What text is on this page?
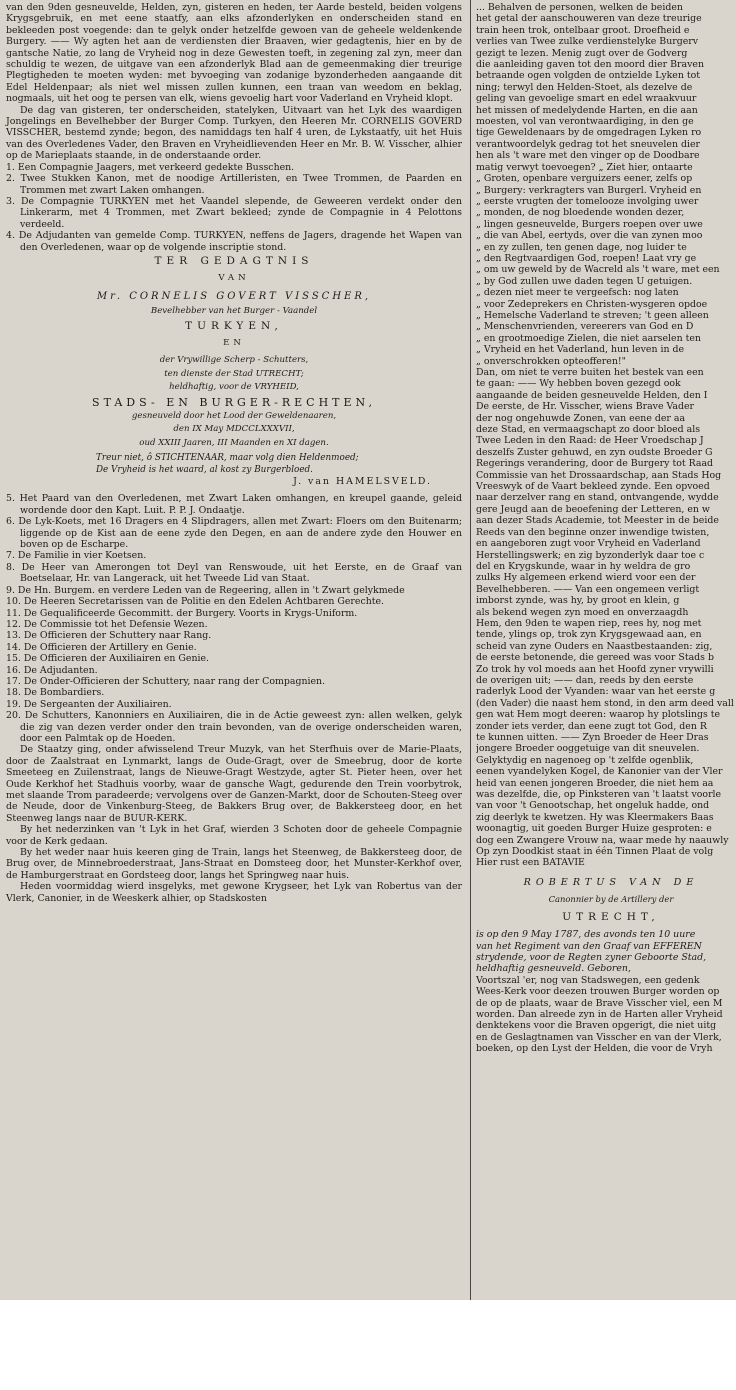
van den 9den gesneuvelde, Helden, zyn, gisteren en heden, ter Aarde besteld, beiden volgens Krygsgebruik, en met eene staatfy, aan elks afzonderlyken en onderscheiden stand en bekleeden post voegende: dan te gelyk onder hetzelfde gewoen van de geheele weldenkende Burgery. —— Wy agten het aan de verdiensten dier Braaven, wier gedagtenis, hier en by de gantsche Natie, zo lang de Vryheid nog in deze Gewesten toeft, in zegening zal zyn, meer dan schuldig te wezen, de uitgave van een afzonderlyk Blad aan de gemeenmaking dier treurige Plegtigheden te moeten wyden: met byvoeging van zodanige byzonderheden aangaande dit Edel Heldenpaar; als niet wel missen zullen kunnen, een traan van weedom en beklag, nogmaals, uit het oog te persen van elk, wiens gevoelig hart voor Vaderland en Vryheid klopt.

De dag van gisteren, ter onderscheiden, statelyken, Uitvaart van het Lyk des waardigen Jongelings en Bevelhebber der Burger Comp. Turkyen, den Heeren Mr. CORNELIS GOVERD VISSCHER, bestemd zynde; begon, des namiddags ten half 4 uren, de Lykstaatfy, uit het Huis van des Overledenes Vader, den Braven en Vryheidlievenden Heer en Mr. B. W. Visscher, alhier op de Marieplaats staande, in de onderstaande order.

1. Een Compagnie Jaagers, met verkeerd gedekte Busschen.

2. Twee Stukken Kanon, met de noodige Artilleristen, en Twee Trommen, de Paarden en Trommen met zwart Laken omhangen.

3. De Compagnie TURKYEN met het Vaandel slepende, de Geweeren verdekt onder den Linkerarm, met 4 Trommen, met Zwart bekleed; zynde de Compagnie in 4 Pelottons verdeeld.

4. De Adjudanten van gemelde Comp. TURKYEN, neffens de Jagers, dragende het Wapen van den Overledenen, waar op de volgende inscriptie stond.

TER GEDAGTNIS

VAN

Mr. CORNELIS GOVERT VISSCHER,

Bevelhebber van het Burger - Vaandel

TURKYEN,

EN

der Vrywillige Scherp - Schutters,

ten dienste der Stad UTRECHT;

heldhaftig, voor de VRYHEID,

STADS- EN BURGER-RECHTEN,

gesneuveld door het Lood der Geweldenaaren,

den IX May MDCCLXXXVII,

oud XXIII Jaaren, III Maanden en XI dagen.

Treur niet, ô STICHTENAAR, maar volg dien Heldenmoed;

De Vryheid is het waard, al kost zy Burgerbloed.

J. van HAMELSVELD.

5. Het Paard van den Overledenen, met Zwart Laken omhangen, en kreupel gaande, geleid wordende door den Kapt. Luit. P. P. J. Ondaatje.

6. De Lyk-Koets, met 16 Dragers en 4 Slipdragers, allen met Zwart: Floers om den Buitenarm; liggende op de Kist aan de eene zyde den Degen, en aan de andere zyde den Houwer en boven op de Escharpe.

7. De Familie in vier Koetsen.

8. De Heer van Amerongen tot Deyl van Renswoude, uit het Eerste, en de Graaf van Boetselaar, Hr. van Langerack, uit het Tweede Lid van Staat.

9. De Hn. Burgem. en verdere Leden van de Regeering, allen in 't Zwart gelykmede

10. De Heeren Secretarissen van de Politie en den Edelen Achtbaren Gerechte.

11. De Gequalificeerde Gecommitt. der Burgery. Voorts in Krygs-Uniform.

12. De Commissie tot het Defensie Wezen.

13. De Officieren der Schuttery naar Rang.

14. De Officieren der Artillery en Genie.

15. De Officieren der Auxiliairen en Genie.

16. De Adjudanten.

17. De Onder-Officieren der Schuttery, naar rang der Compagnien.

18. De Bombardiers.

19. De Sergeanten der Auxiliairen.

20. De Schutters, Kanonniers en Auxiliairen, die in de Actie geweest zyn: allen welken, gelyk die zig van dezen verder onder den train bevonden, van de overige onderscheiden waren, door een Palmtak op de Hoeden.

De Staatzy ging, onder afwisselend Treur Muzyk, van het Sterfhuis over de Marie-Plaats, door de Zaalstraat en Lynmarkt, langs de Oude-Gragt, over de Smeebrug, door de korte Smeeteeg en Zuilenstraat, langs de Nieuwe-Gragt Westzyde, agter St. Pieter heen, over het Oude Kerkhof het Stadhuis voorby, waar de gansche Wagt, gedurende den Trein voorbytrok, met slaande Trom paradeerde; vervolgens over de Ganzen-Markt, door de Schouten-Steeg over de Neude, door de Vinkenburg-Steeg, de Bakkers Brug over, de Bakkersteeg door, en het Steenweg langs naar de BUUR-KERK.

By het nederzinken van 't Lyk in het Graf, wierden 3 Schoten door de geheele Compagnie voor de Kerk gedaan.

By het weder naar huis keeren ging de Train, langs het Steenweg, de Bakkersteeg door, de Brug over, de Minnebroederstraat, Jans-Straat en Domsteeg door, het Munster-Kerkhof over, de Hamburgerstraat en Gordsteeg door, langs het Springweg naar huis.

Heden voormiddag wierd insgelyks, met gewone Krygseer, het Lyk van Robertus van der Vlerk, Canonier, in de Weeskerk alhier, op Stadskosten

... Behalven de personen, welken de beiden

het getal der aanschouweren van deze treurige

train heen trok, ontelbaar groot. Droefheid e

verlies van Twee zulke verdienstelyke Burgerv

gezigt te lezen. Menig zugt over de Godverg

die aanleiding gaven tot den moord dier Braven

betraande ogen volgden de ontzielde Lyken tot

ning; terwyl den Helden-Stoet, als dezelve de

geling van gevoelige smart en edel wraakvuur

het missen of medelydende Harten, en die aan

moesten, vol van verontwaardiging, in den ge

tige Geweldenaars by de omgedragen Lyken ro

verantwoordelyk gedrag tot het sneuvelen dier

hen als 't ware met den vinger op de Doodbare

matig verwyt toevoegen? „ Ziet hier, ontaarte

„ Groten, openbare verguizers eener, zelfs op

„ Burgery: verkragters van Burgerl. Vryheid en

„ eerste vrugten der tomelooze involging uwer

„ monden, de nog bloedende wonden dezer,

„ lingen gesneuvelde, Burgers roepen over uwe

„ die van Abel, eertyds, over die van zynen moo

„ en zy zullen, ten genen dage, nog luider te

„ den Regtvaardigen God, roepen! Laat vry ge

„ om uw geweld by de Wacreld als 't ware, met een

„ by God zullen uwe daden tegen U getuigen.

„ dezen niet meer te vergeefsch: nog laten

„ voor Zedeprekers en Christen-wysgeren opdoe

„ Hemelsche Vaderland te streven; 't geen alleen

„ Menschenvrienden, vereerers van God en D

„ en grootmoedige Zielen, die niet aarselen ten

„ Vryheid en het Vaderland, hun leven in de

„ onverschrokken opteofferen!"

Dan, om niet te verre buiten het bestek van een

te gaan: —— Wy hebben boven gezegd ook

aangaande de beiden gesneuvelde Helden, den I

De eerste, de Hr. Visscher, wiens Brave Vader

der nog ongehuwde Zonen, van eene der aa

deze Stad, en vermaagschapt zo door bloed als

Twee Leden in den Raad: de Heer Vroedschap J

deszelfs Zuster gehuwd, en zyn oudste Broeder G

Regerings verandering, door de Burgery tot Raad

Commissie van het Drossaardschap, aan Stads Hog

Vreeswyk of de Vaart bekleed zynde. Een opvoed

naar derzelver rang en stand, ontvangende, wydde

gere Jeugd aan de beoefening der Letteren, en w

aan dezer Stads Academie, tot Meester in de beide

Reeds van den beginne onzer inwendige twisten,

en aangeboren zugt voor Vryheid en Vaderland

Herstellingswerk; en zig byzonderlyk daar toe c

del en Krygskunde, waar in hy weldra de gro

zulks Hy algemeen erkend wierd voor een der

Bevelhebberen. —— Van een ongemeen verligt

imborst zynde, was hy, by groot en klein, g

als bekend wegen zyn moed en onverzaagdh

Hem, den 9den te wapen riep, rees hy, nog met

tende, ylings op, trok zyn Krygsgewaad aan, en

scheid van zyne Ouders en Naastbestaanden: zig,

de eerste betonende, die gereed was voor Stads b

Zo trok hy vol moeds aan het Hoofd zyner vrywilli

de overigen uit; —— dan, reeds by den eerste

raderlyk Lood der Vyanden: waar van het eerste g

(den Vader) die naast hem stond, in den arm deed vall

gen wat Hem mogt deeren: waarop hy plotslings te

zonder iets verder, dan eene zugt tot God, den R

te kunnen uitten. —— Zyn Broeder de Heer Dras

jongere Broeder ooggetuige van dit sneuvelen.

Gelyktydig en nagenoeg op 't zelfde ogenblik,

eenen vyandelyken Kogel, de Kanonier van der Vler

heid van eenen jongeren Broeder, die niet hem aa

was dezelfde, die, op Pinksteren van 't laatst voorle

van voor 't Genootschap, het ongeluk hadde, ond

zig deerlyk te kwetzen. Hy was Kleermakers Baas

woonagtig, uit goeden Burger Huize gesproten: e

dog een Zwangere Vrouw na, waar mede hy naauwly

Op zyn Doodkist staat in één Tinnen Plaat de volg

Hier rust een BATAVIE

ROBERTUS VAN DE

Canonnier by de Artillery der

UTRECHT,

is op den 9 May 1787, des avonds ten 10 uure

van het Regiment van den Graaf van EFFEREN

strydende, voor de Regten zyner Geboorte Stad,

heldhaftig gesneuveld. Geboren,

Voortszal 'er, nog van Stadswegen, een gedenk

Wees-Kerk voor deezen trouwen Burger worden op

de op de plaats, waar de Brave Visscher viel, een M

worden. Dan alreede zyn in de Harten aller Vryheid

denktekens voor die Braven opgerigt, die niet uitg

en de Geslagtnamen van Visscher en van der Vlerk,

boeken, op den Lyst der Helden, die voor de Vryh
